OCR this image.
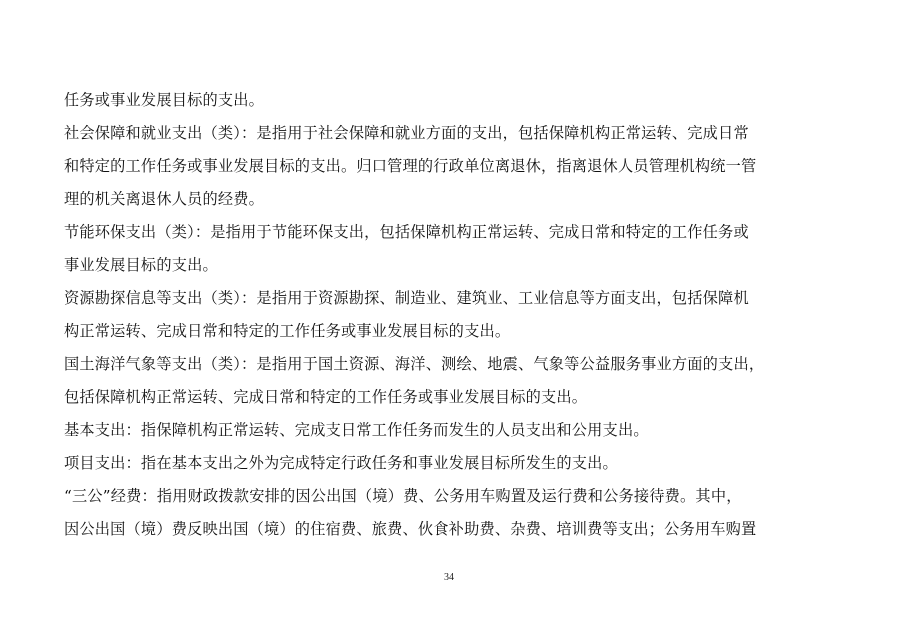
任务或事业发展目标的支出。
社会保障和就业支出（类）：是指用于社会保障和就业方面的支出，包括保障机构正常运转、完成日常
和特定的工作任务或事业发展目标的支出。归口管理的行政单位离退休，指离退休人员管理机构统一管
理的机关离退休人员的经费。
节能环保支出（类）：是指用于节能环保支出，包括保障机构正常运转、完成日常和特定的工作任务或
事业发展目标的支出。
资源勘探信息等支出（类）：是指用于资源勘探、制造业、建筑业、工业信息等方面支出，包括保障机
构正常运转、完成日常和特定的工作任务或事业发展目标的支出。
国土海洋气象等支出（类）：是指用于国土资源、海洋、测绘、地震、气象等公益服务事业方面的支出，
包括保障机构正常运转、完成日常和特定的工作任务或事业发展目标的支出。
基本支出：指保障机构正常运转、完成支日常工作任务而发生的人员支出和公用支出。
项目支出：指在基本支出之外为完成特定行政任务和事业发展目标所发生的支出。
“三公”经费：指用财政拨款安排的因公出国（境）费、公务用车购置及运行费和公务接待费。其中，
因公出国（境）费反映出国（境）的住宿费、旅费、伙食补助费、杂费、培训费等支出；公务用车购置
34
